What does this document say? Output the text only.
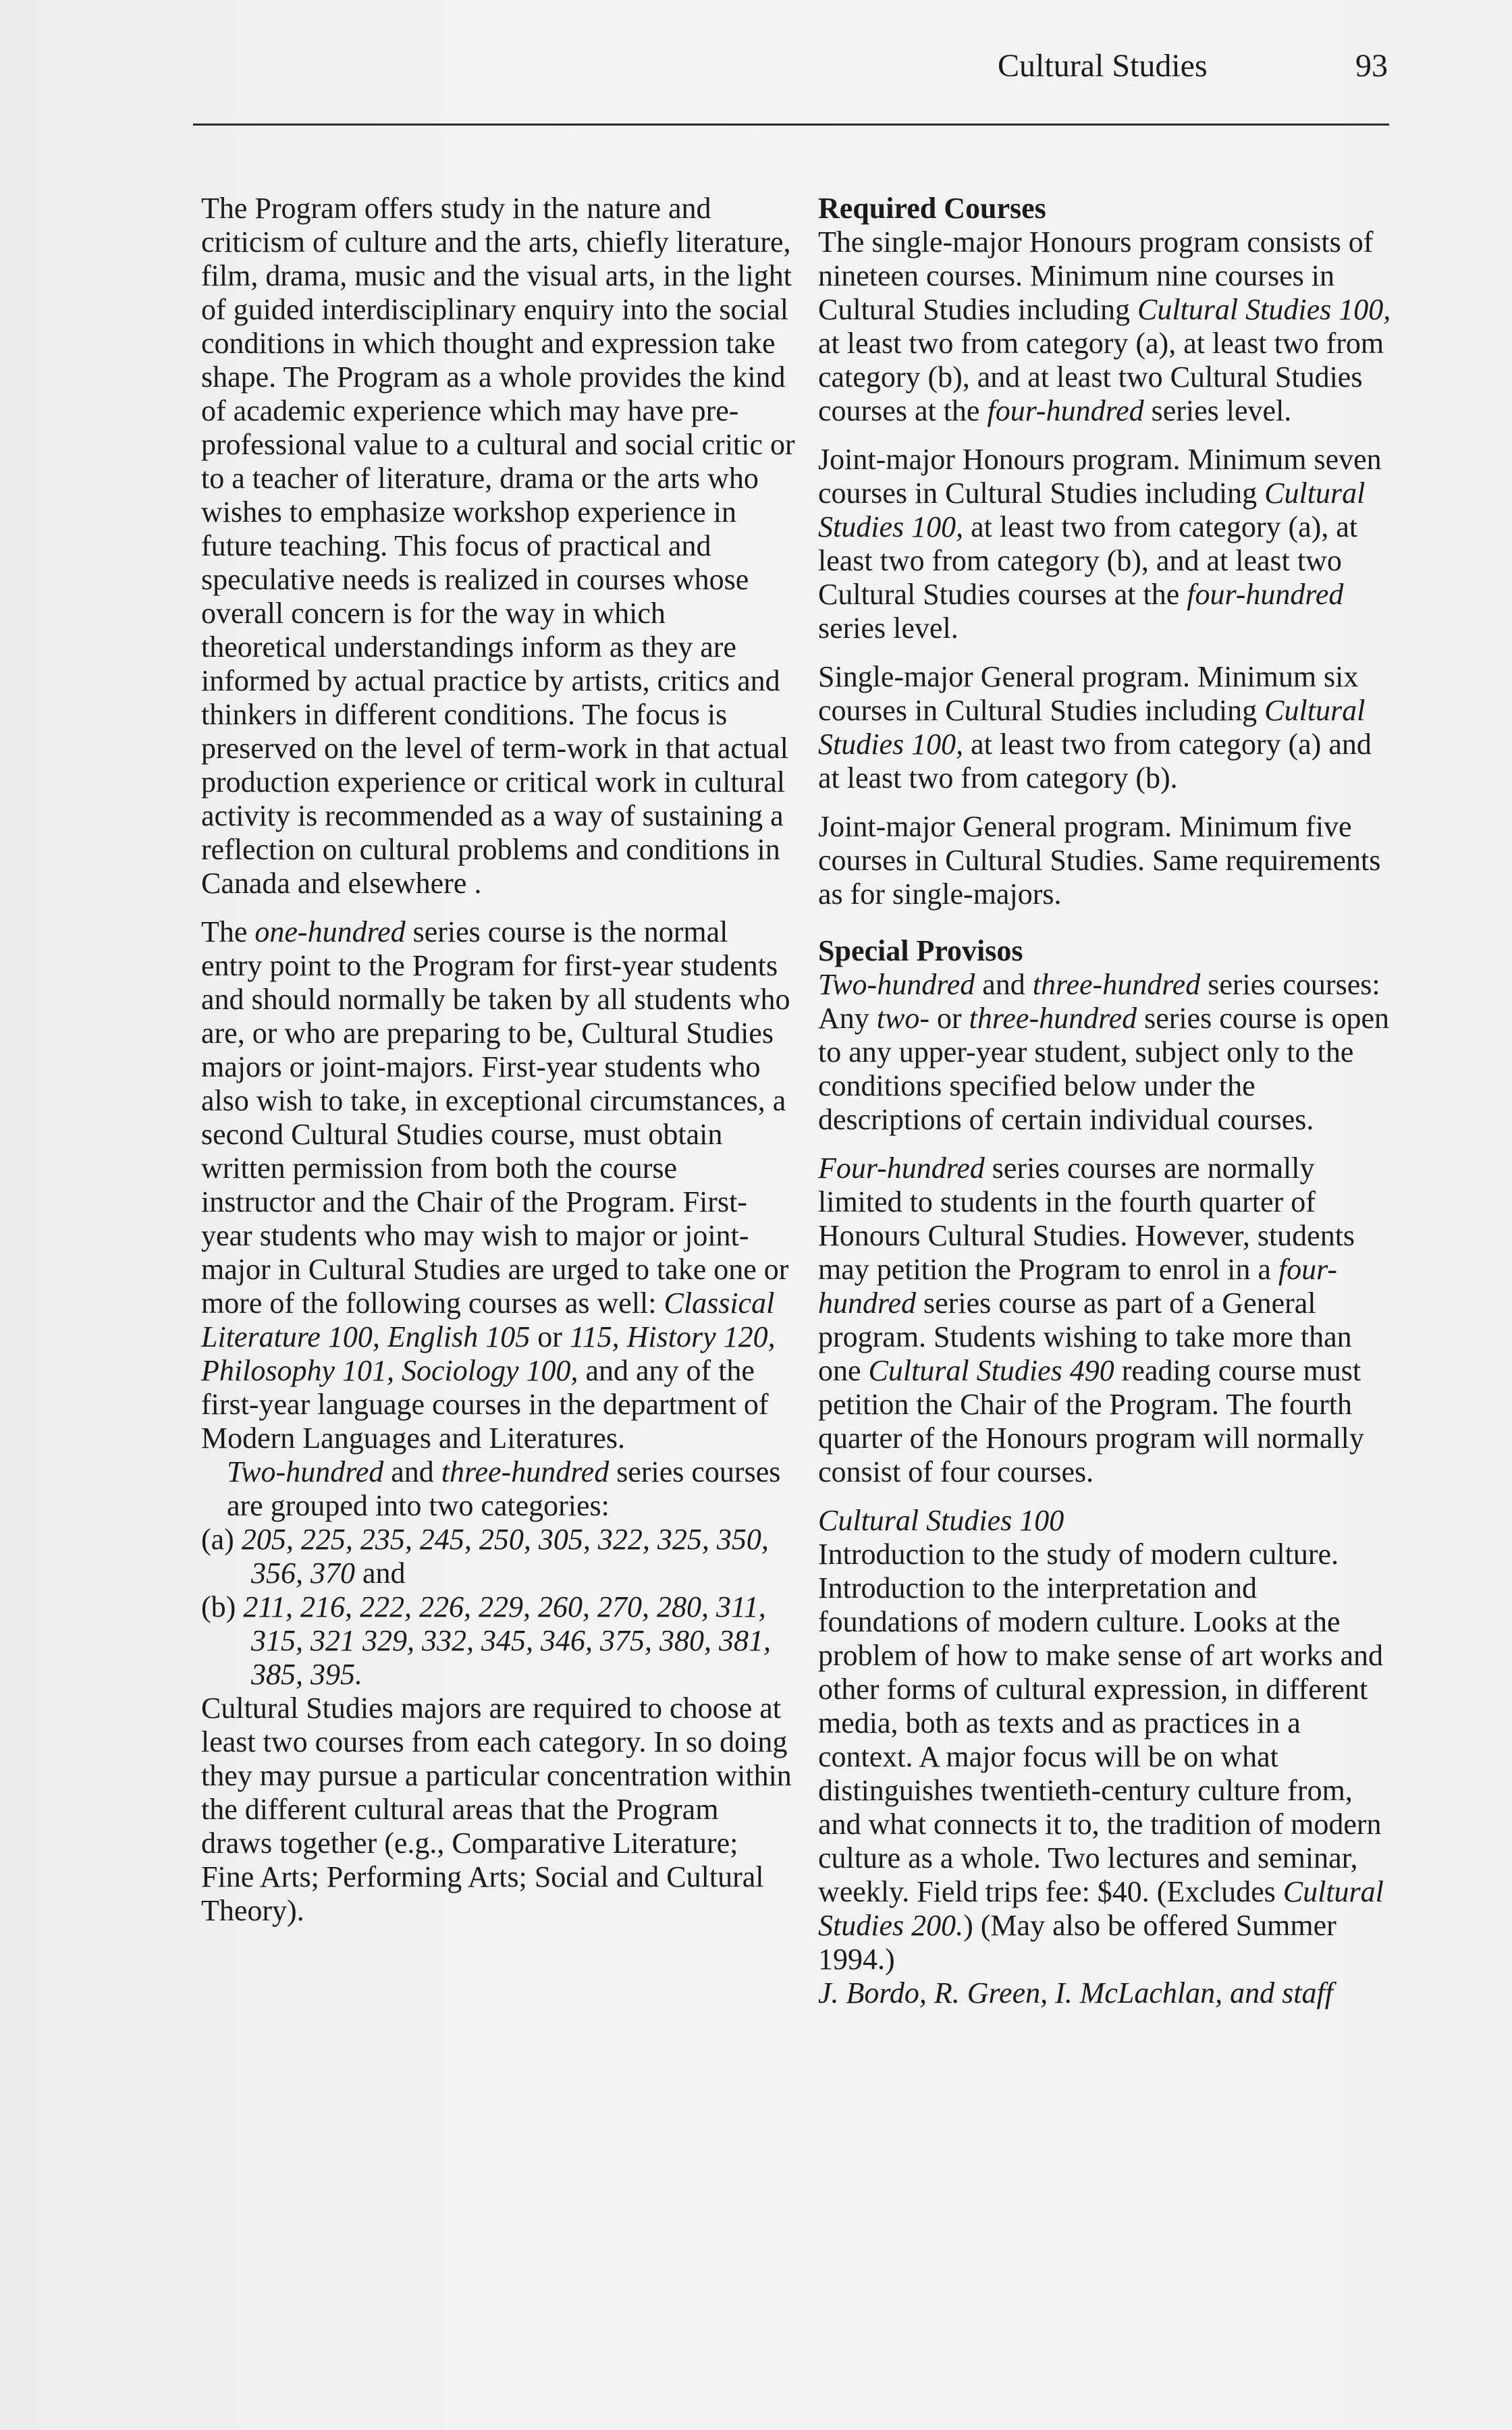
Cultural Studies	93

The Program offers study in the nature and criticism of culture and the arts, chiefly literature, film, drama, music and the visual arts, in the light of guided interdisciplinary enquiry into the social conditions in which thought and expression take shape. The Program as a whole provides the kind of academic experience which may have pre-professional value to a cultural and social critic or to a teacher of literature, drama or the arts who wishes to emphasize workshop experience in future teaching. This focus of practical and speculative needs is realized in courses whose overall concern is for the way in which theoretical understandings inform as they are informed by actual practice by artists, critics and thinkers in different conditions. The focus is preserved on the level of term-work in that actual production experience or critical work in cultural activity is recommended as a way of sustaining a reflection on cultural problems and conditions in Canada and elsewhere .

The one-hundred series course is the normal entry point to the Program for first-year students and should normally be taken by all students who are, or who are preparing to be, Cultural Studies majors or joint-majors. First-year students who also wish to take, in exceptional circumstances, a second Cultural Studies course, must obtain written permission from both the course instructor and the Chair of the Program. First-year students who may wish to major or joint-major in Cultural Studies are urged to take one or more of the following courses as well: Classical Literature 100, English 105 or 115, History 120, Philosophy 101, Sociology 100, and any of the first-year language courses in the department of Modern Languages and Literatures.

Two-hundred and three-hundred series courses are grouped into two categories:

(a) 205, 225, 235, 245, 250, 305, 322, 325, 350, 356, 370 and

(b) 211, 216, 222, 226, 229, 260, 270, 280, 311, 315, 321 329, 332, 345, 346, 375, 380, 381, 385, 395.

Cultural Studies majors are required to choose at least two courses from each category. In so doing they may pursue a particular concentration within the different cultural areas that the Program draws together (e.g., Comparative Literature; Fine Arts; Performing Arts; Social and Cultural Theory).

Required Courses

The single-major Honours program consists of nineteen courses. Minimum nine courses in Cultural Studies including Cultural Studies 100, at least two from category (a), at least two from category (b), and at least two Cultural Studies courses at the four-hundred series level.

Joint-major Honours program. Minimum seven courses in Cultural Studies including Cultural Studies 100, at least two from category (a), at least two from category (b), and at least two Cultural Studies courses at the four-hundred series level.

Single-major General program. Minimum six courses in Cultural Studies including Cultural Studies 100, at least two from category (a) and at least two from category (b).

Joint-major General program. Minimum five courses in Cultural Studies. Same requirements as for single-majors.

Special Provisos

Two-hundred and three-hundred series courses: Any two- or three-hundred series course is open to any upper-year student, subject only to the conditions specified below under the descriptions of certain individual courses.

Four-hundred series courses are normally limited to students in the fourth quarter of Honours Cultural Studies. However, students may petition the Program to enrol in a four-hundred series course as part of a General program. Students wishing to take more than one Cultural Studies 490 reading course must petition the Chair of the Program. The fourth quarter of the Honours program will normally consist of four courses.

Cultural Studies 100

Introduction to the study of modern culture. Introduction to the interpretation and foundations of modern culture. Looks at the problem of how to make sense of art works and other forms of cultural expression, in different media, both as texts and as practices in a context. A major focus will be on what distinguishes twentieth-century culture from, and what connects it to, the tradition of modern culture as a whole. Two lectures and seminar, weekly. Field trips fee: $40. (Excludes Cultural Studies 200.) (May also be offered Summer 1994.)

J. Bordo, R. Green, I. McLachlan, and staff
